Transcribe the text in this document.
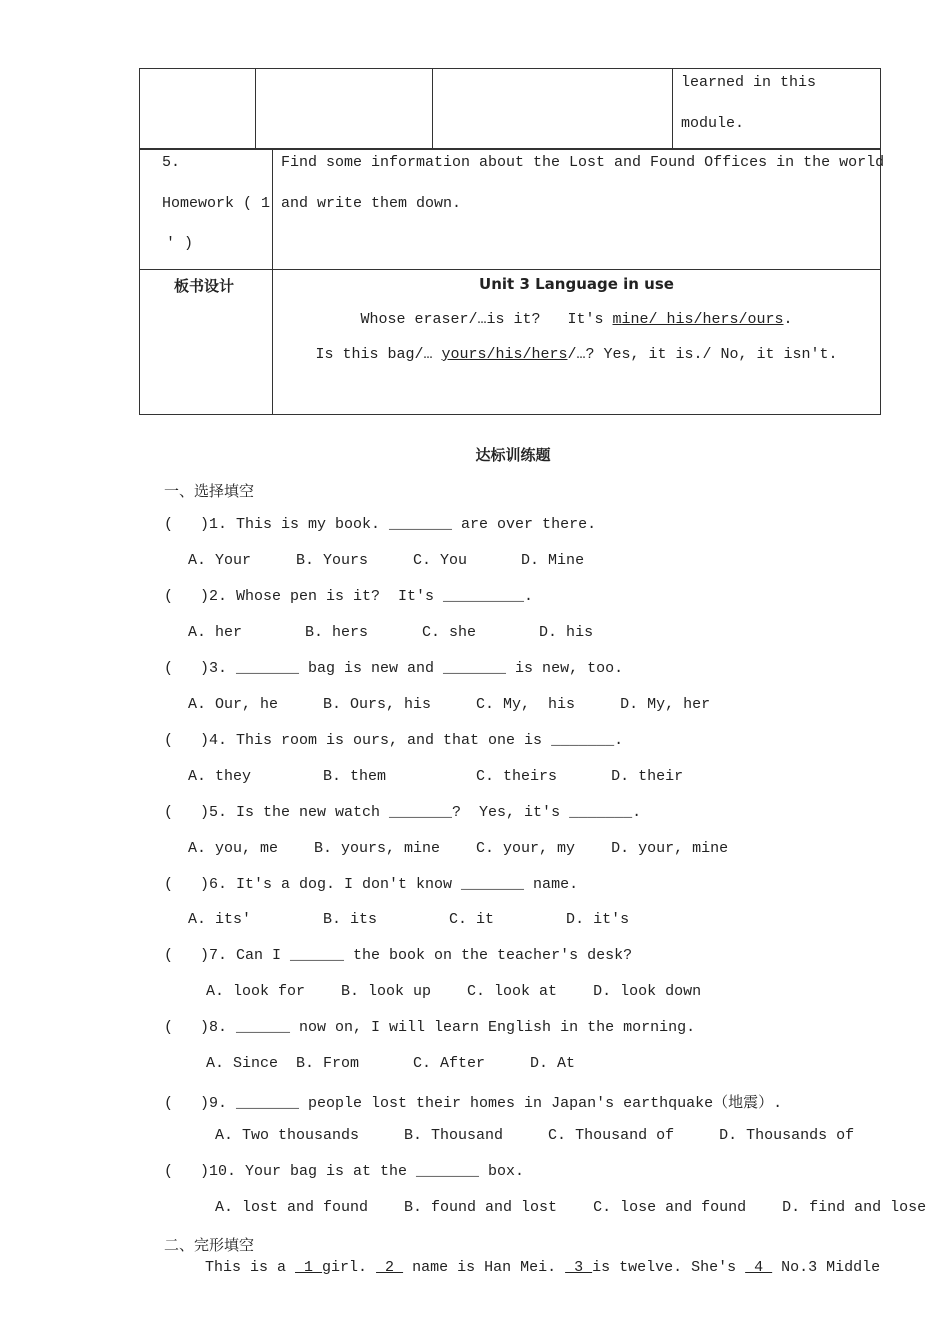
learned in this
module.
5.
Homework ( 1
' )	Find some information about the Lost and Found Offices in the world
and write them down.

板书设计	Unit 3 Language in use
Whose eraser/…is it?   It's mine/ his/hers/ours.
Is this bag/… yours/his/hers/…? Yes, it is./ No, it isn't.
达标训练题
一、选择填空
(   )1. This is my book. _______ are over there.
A. Your     B. Yours     C. You      D. Mine
(   )2. Whose pen is it?  It's _________.
A. her       B. hers      C. she       D. his
(   )3. _______ bag is new and _______ is new, too.
A. Our, he     B. Ours, his     C. My,  his     D. My, her
(   )4. This room is ours, and that one is _______.
A. they        B. them          C. theirs      D. their
(   )5. Is the new watch _______?  Yes, it's _______.
A. you, me    B. yours, mine    C. your, my    D. your, mine
(   )6. It's a dog. I don't know _______ name.
A. its'        B. its        C. it        D. it's
(   )7. Can I ______ the book on the teacher's desk?
A. look for    B. look up    C. look at    D. look down
(   )8. ______ now on, I will learn English in the morning.
A. Since  B. From      C. After     D. At
(   )9. _______ people lost their homes in Japan's earthquake（地震）.
A. Two thousands     B. Thousand     C. Thousand of     D. Thousands of
(   )10. Your bag is at the _______ box.
A. lost and found    B. found and lost    C. lose and found    D. find and lose
二、完形填空
This is a  1 girl.  2  name is Han Mei.  3 is twelve. She's  4  No.3 Middle
